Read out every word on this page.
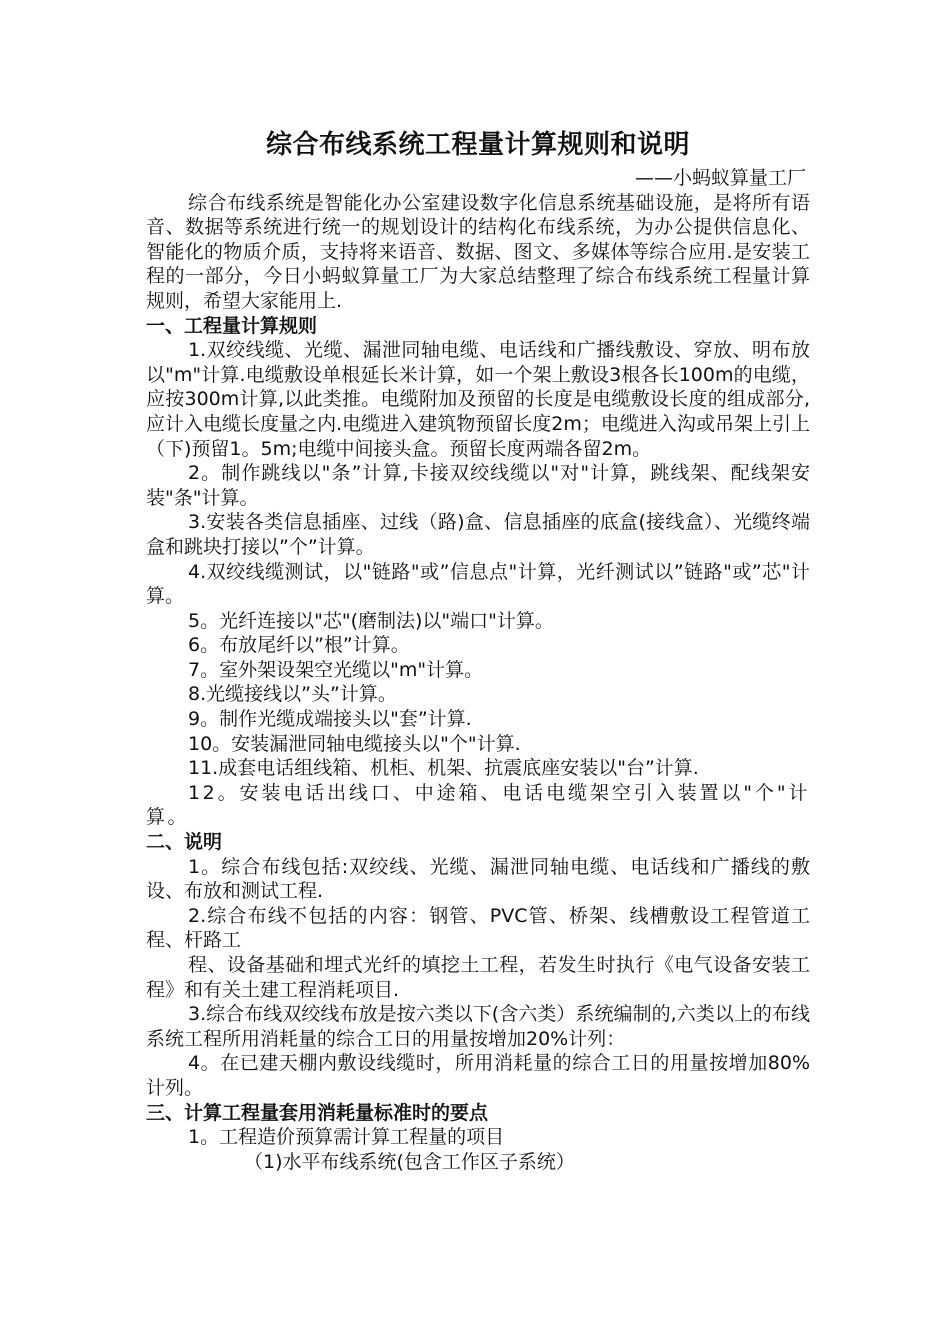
综合布线系统工程量计算规则和说明

——小蚂蚁算量工厂

综合布线系统是智能化办公室建设数字化信息系统基础设施，是将所有语音、数据等系统进行统一的规划设计的结构化布线系统，为办公提供信息化、智能化的物质介质，支持将来语音、数据、图文、多媒体等综合应用.是安装工程的一部分，今日小蚂蚁算量工厂为大家总结整理了综合布线系统工程量计算规则，希望大家能用上.

一、工程量计算规则

1.双绞线缆、光缆、漏泄同轴电缆、电话线和广播线敷设、穿放、明布放以"m"计算.电缆敷设单根延长米计算，如一个架上敷设3根各长100m的电缆，应按300m计算,以此类推。电缆附加及预留的长度是电缆敷设长度的组成部分,应计入电缆长度量之内.电缆进入建筑物预留长度2m；电缆进入沟或吊架上引上（下)预留1。5m;电缆中间接头盒。预留长度两端各留2m。

2。制作跳线以"条”计算,卡接双绞线缆以"对"计算，跳线架、配线架安装"条"计算。

3.安装各类信息插座、过线（路)盒、信息插座的底盒(接线盒）、光缆终端盒和跳块打接以”个”计算。

4.双绞线缆测试，以"链路"或”信息点"计算，光纤测试以”链路"或”芯"计算。

5。光纤连接以"芯"(磨制法)以"端口"计算。

6。布放尾纤以”根”计算。

7。室外架设架空光缆以"m"计算。

8.光缆接线以”头”计算。

9。制作光缆成端接头以"套”计算.

10。安装漏泄同轴电缆接头以"个"计算.

11.成套电话组线箱、机柜、机架、抗震底座安装以"台”计算.

12。安装电话出线口、中途箱、电话电缆架空引入装置以"个"计算。

二、说明

1。综合布线包括:双绞线、光缆、漏泄同轴电缆、电话线和广播线的敷设、布放和测试工程.

2.综合布线不包括的内容：钢管、PVC管、桥架、线槽敷设工程管道工程、杆路工

程、设备基础和埋式光纤的填挖土工程，若发生时执行《电气设备安装工程》和有关土建工程消耗项目.

3.综合布线双绞线布放是按六类以下(含六类）系统编制的,六类以上的布线系统工程所用消耗量的综合工日的用量按增加20%计列：

4。在已建天棚内敷设线缆时，所用消耗量的综合工日的用量按增加80%计列。

三、计算工程量套用消耗量标准时的要点

1。工程造价预算需计算工程量的项目

（1)水平布线系统(包含工作区子系统）
